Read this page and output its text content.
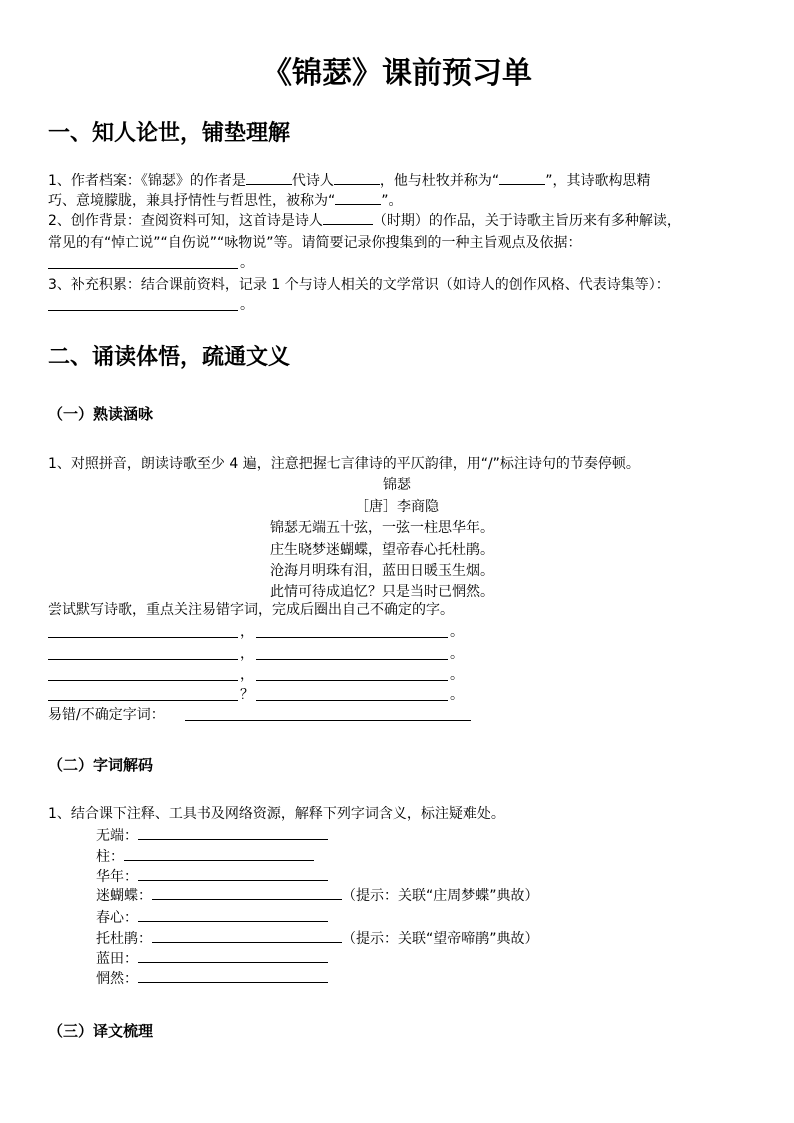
《锦瑟》课前预习单
一、知人论世，铺垫理解
1、作者档案：《锦瑟》的作者是	代诗人	，他与杜牧并称为“	”，其诗歌构思精
巧、意境朦胧，兼具抒情性与哲思性，被称为“	”。
2、创作背景：查阅资料可知，这首诗是诗人	（时期）的作品，关于诗歌主旨历来有多种解读，
常见的有“悼亡说”“自伤说”“咏物说”等。请简要记录你搜集到的一种主旨观点及依据：
。
3、补充积累：结合课前资料，记录 1 个与诗人相关的文学常识（如诗人的创作风格、代表诗集等）：
。
二、诵读体悟，疏通文义
（一）熟读涵咏
1、对照拼音，朗读诗歌至少 4 遍，注意把握七言律诗的平仄韵律，用“/”标注诗句的节奏停顿。
锦瑟
［唐］李商隐
锦瑟无端五十弦，一弦一柱思华年。
庄生晓梦迷蝴蝶，望帝春心托杜鹃。
沧海月明珠有泪，蓝田日暖玉生烟。
此情可待成追忆？只是当时已惘然。
尝试默写诗歌，重点关注易错字词，完成后圈出自己不确定的字。
，	。
，	。
，	。
？	。
易错/不确定字词：
（二）字词解码
1、结合课下注释、工具书及网络资源，解释下列字词含义，标注疑难处。
无端：
柱：
华年：
迷蝴蝶：	（提示：关联“庄周梦蝶”典故）
春心：
托杜鹃：	（提示：关联“望帝啼鹃”典故）
蓝田：
惘然：
（三）译文梳理
